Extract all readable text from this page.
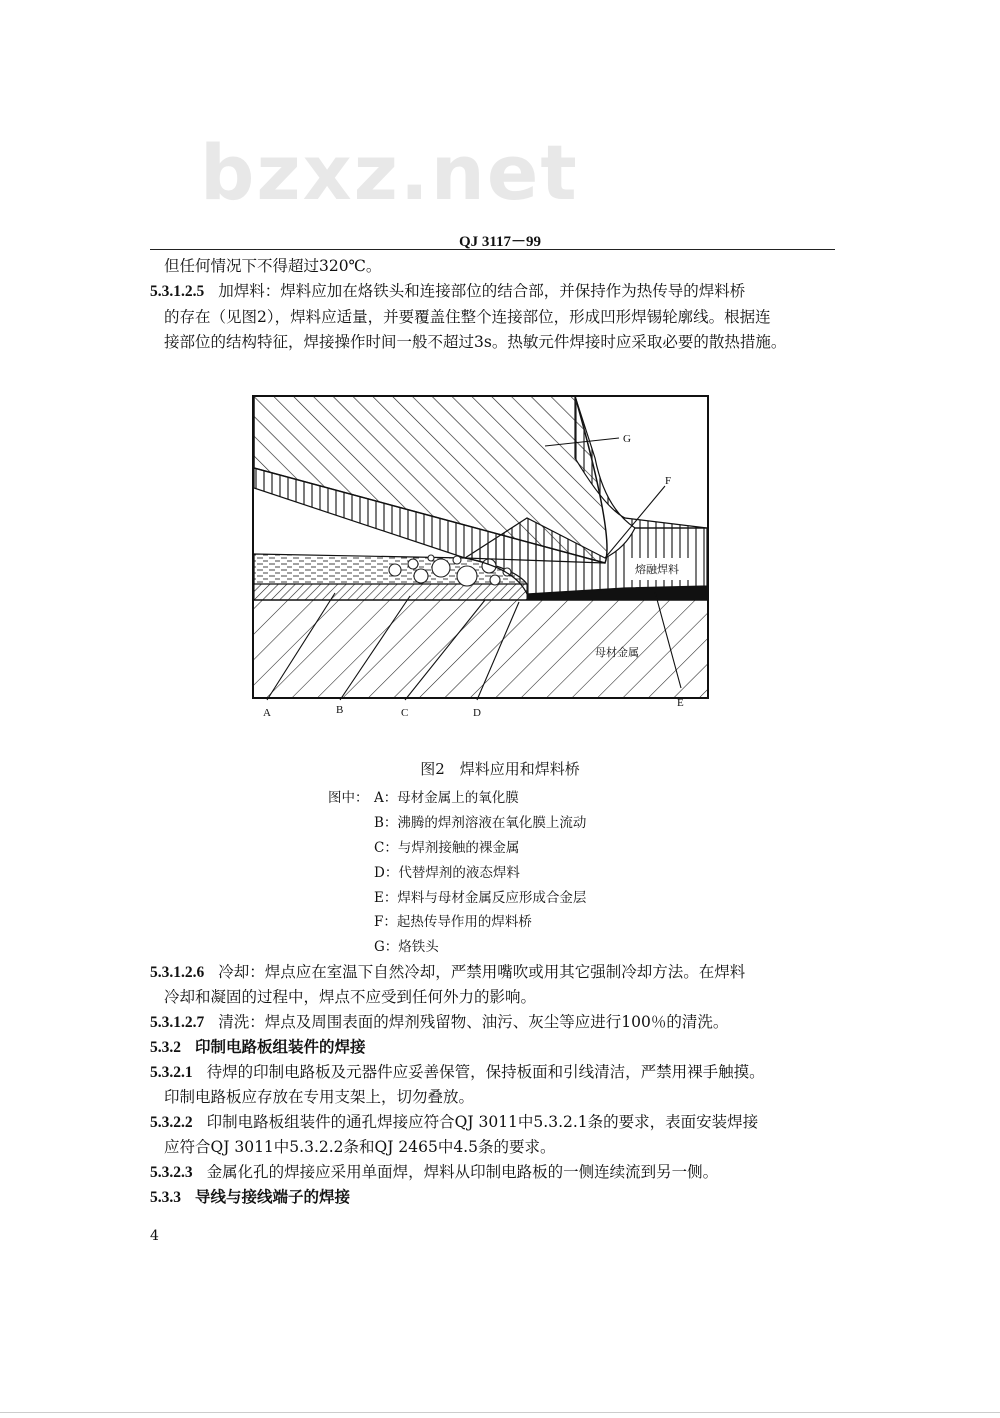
bzxz.net
QJ 3117－99
但任何情况下不得超过320℃。
5.3.1.2.5 加焊料：焊料应加在烙铁头和连接部位的结合部，并保持作为热传导的焊料桥
的存在（见图2），焊料应适量，并要覆盖住整个连接部位，形成凹形焊锡轮廓线。根据连
接部位的结构特征，焊接操作时间一般不超过3s。热敏元件焊接时应采取必要的散热措施。
G
F
A	B	C	D
E
熔融焊料
母材金属
图2　焊料应用和焊料桥
图中： A：母材金属上的氧化膜
B：沸腾的焊剂溶液在氧化膜上流动
C：与焊剂接触的裸金属
D：代替焊剂的液态焊料
E：焊料与母材金属反应形成合金层
F：起热传导作用的焊料桥
G：烙铁头
5.3.1.2.6 冷却：焊点应在室温下自然冷却，严禁用嘴吹或用其它强制冷却方法。在焊料
冷却和凝固的过程中，焊点不应受到任何外力的影响。
5.3.1.2.7 清洗：焊点及周围表面的焊剂残留物、油污、灰尘等应进行100％的清洗。
5.3.2 印制电路板组装件的焊接
5.3.2.1 待焊的印制电路板及元器件应妥善保管，保持板面和引线清洁，严禁用裸手触摸。
印制电路板应存放在专用支架上，切勿叠放。
5.3.2.2 印制电路板组装件的通孔焊接应符合QJ 3011中5.3.2.1条的要求，表面安装焊接
应符合QJ 3011中5.3.2.2条和QJ 2465中4.5条的要求。
5.3.2.3 金属化孔的焊接应采用单面焊，焊料从印制电路板的一侧连续流到另一侧。
5.3.3 导线与接线端子的焊接
4
